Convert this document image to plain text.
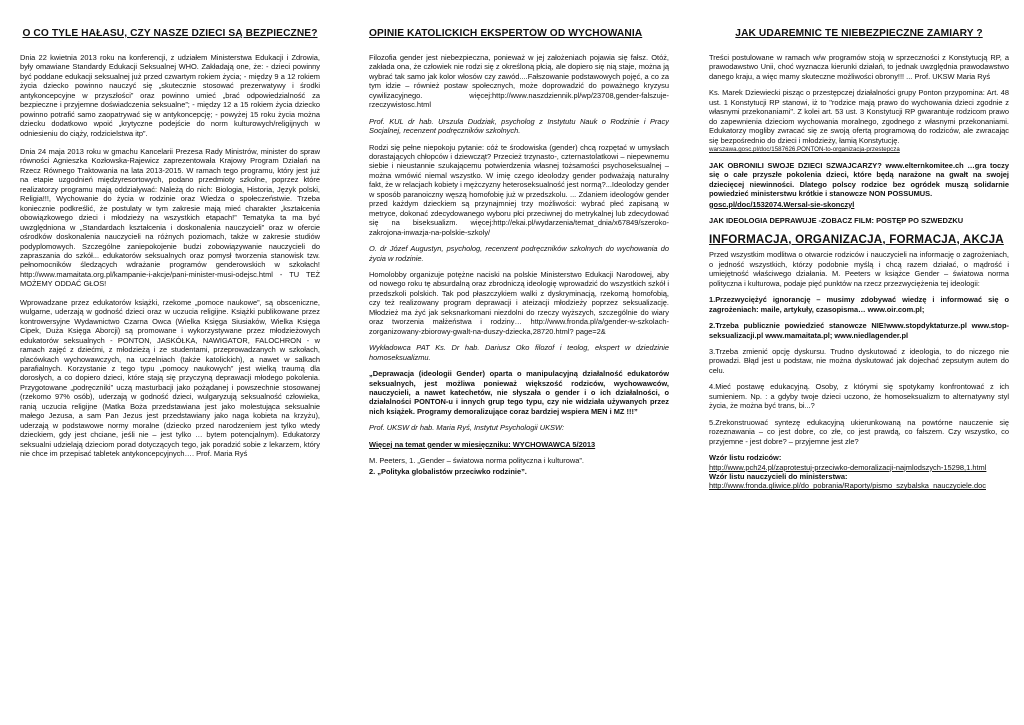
O CO TYLE HAŁASU, CZY NASZE DZIECI SĄ BEZPIECZNE?

Dnia 22 kwietnia 2013 roku na konferencji, z udziałem Ministerstwa Edukacji i Zdrowia, były omawiane Standardy Edukacji Seksualnej WHO. Zakładają one, że: - dzieci powinny być poddane edukacji seksualnej już przed czwartym rokiem życia; - między 9 a 12 rokiem życia dziecko powinno nauczyć się „skutecznie stosować prezerwatywy i środki antykoncepcyjne w przyszłości” oraz powinno umieć „brać odpowiedzialność za bezpieczne i przyjemne doświadczenia seksualne”; - między 12 a 15 rokiem życia dziecko powinno potrafić samo zaopatrywać się w antykoncepcję; - powyżej 15 roku życia można dziecku dodatkowo wpoić „krytyczne podejście do norm kulturowych/religijnych w odniesieniu do ciąży, rodzicielstwa itp”.

Dnia 24 maja 2013 roku w gmachu Kancelarii Prezesa Rady Ministrów, minister do spraw równości Agnieszka Kozłowska-Rajewicz zaprezentowała Krajowy Program Działań na Rzecz Równego Traktowania na lata 2013-2015. W ramach tego programu, który jest już na etapie uzgodnień międzyresortowych, podano przedmioty szkolne, poprzez które realizatorzy programu mają oddziaływać: Należą do nich: Biologia, Historia, Język polski, Religia!!!, Wychowanie do życia w rodzinie oraz Wiedza o społeczeństwie. Trzeba koniecznie podkreślić, że postulaty w tym zakresie mają mieć charakter „kształcenia obowiązkowego dzieci i młodzieży na wszystkich etapach!” Tematyka ta ma być uwzględniona w „Standardach kształcenia i doskonalenia nauczycieli” oraz w ofercie ośrodków doskonalenia nauczycieli na różnych poziomach, także w zakresie studiów podyplomowych. Szczególne zaniepokojenie budzi zobowiązywanie nauczycieli do zapraszania do szkół... edukatorów seksualnych oraz pomysł tworzenia stanowisk tzw. pełnomocników śledzących wdrażanie programów genderowskich w szkołach! http://www.mamaitata.org.pl/kampanie-i-akcje/pani-minister-musi-odejsc.html - TU TEŻ MOŻEMY ODDAĆ GŁOS!

Wprowadzane przez edukatorów książki, rzekome „pomoce naukowe”, są obsceniczne, wulgarne, uderzają w godność dzieci oraz w uczucia religijne. Książki publikowane przez kontrowersyjne Wydawnictwo Czarna Owca (Wielka Księga Siusiaków, Wielka Księga Cipek, Duża Księga Aborcji) są promowane i wykorzystywane przez młodzieżowych edukatorów seksualnych - PONTON, JASKÓŁKA, NAWIGATOR, FALOCHRON - w ramach zajęć z dziećmi, z młodzieżą i ze studentami, przeprowadzanych w szkołach, placówkach wychowawczych, na uczelniach (także katolickich), a nawet w salkach parafialnych. Korzystanie z tego typu „pomocy naukowych” jest wielką traumą dla dorosłych, a co dopiero dzieci, które stają się przyczyną deprawacji młodego pokolenia. Przygotowane „podręczniki” uczą masturbacji jako pożądanej i powszechnie stosowanej (rzekomo 97% osób), uderzają w godność dzieci, wulgaryzują seksualność człowieka, ranią uczucia religijne (Matka Boża przedstawiana jest jako molestująca seksualnie małego Jezusa, a sam Pan Jezus jest przedstawiany jako naga kobieta na krzyżu), uderzają w podstawowe normy moralne (dziecko przed narodzeniem jest tylko wtedy dzieckiem, gdy jest chciane, jeśli nie – jest tylko … bytem potencjalnym). Edukatorzy seksualni udzielają dzieciom porad dotyczących tego, jak poradzić sobie z lekarzem, który nie chce im przepisać tabletek antykoncepcyjnych…. Prof. Maria Ryś

OPINIE KATOLICKICH EKSPERTÓW OD WYCHOWANIA

Filozofia gender jest niebezpieczna, ponieważ w jej założeniach pojawia się fałsz. Otóż, zakłada ona, że człowiek nie rodzi się z określoną płcią, ale dopiero się nią staje, można ją wybrać tak samo jak kolor włosów czy zawód....Fałszowanie podstawowych pojęć, a co za tym idzie – również postaw społecznych, może doprowadzić do poważnego kryzysu cywilizacyjnego. więcej:http://www.naszdziennik.pl/wp/23708,gender-falszuje-rzeczywistosc.html

Prof. KUL dr hab. Urszula Dudziak, psycholog z Instytutu Nauk o Rodzinie i Pracy Socjalnej, recenzent podręczników szkolnych.

Rodzi się pełne niepokoju pytanie: cóż te środowiska (gender) chcą rozpętać w umysłach dorastających chłopców i dziewcząt? Przecież trzynasto-, czternastolatkowi – niepewnemu siebie i nieustannie szukającemu potwierdzenia własnej tożsamości psychoseksualnej – można wmówić niemal wszystko. W imię czego ideolodzy gender podważają naturalny fakt, że w relacjach kobiety i mężczyzny heteroseksualność jest normą?...Ideolodzy gender w sposób paranoiczny węszą homofobię już w przedszkolu. ... Zdaniem ideologów gender przed każdym dzieckiem są przynajmniej trzy możliwości: wybrać płeć zapisaną w metryce, dokonać zdecydowanego wyboru płci przeciwnej do metrykalnej lub zdecydować się na biseksualizm. więcej:http://ekai.pl/wydarzenia/temat_dnia/x67849/szeroko-zakrojona-inwazja-na-polskie-szkoly/

O. dr Józef Augustyn, psycholog, recenzent podręczników szkolnych do wychowania do życia w rodzinie.

Homolobby organizuje potężne naciski na polskie Ministerstwo Edukacji Narodowej, aby od nowego roku tę absurdalną oraz zbrodniczą ideologię wprowadzić do wszystkich szkół i przedszkoli polskich. Tak pod płaszczykiem walki z dyskryminacją, rzekomą homofobią, czy też realizowany program deprawacji i ateizacji młodzieży poprzez seksualizację. Młodzież ma żyć jak seksnarkomani niezdolni do rzeczy wyższych, szczególnie do wiary oraz tworzenia małżeństwa i rodziny… http://www.fronda.pl/a/gender-w-szkolach-zorganizowany-zbiorowy-gwalt-na-duszy-dziecka,28720.html? page=2&

Wykładowca PAT Ks. Dr hab. Dariusz Oko filozof i teolog, ekspert w dziedzinie homoseksualizmu.

„Deprawacja (ideologii Gender) oparta o manipulacyjną działalność edukatorów seksualnych, jest możliwa ponieważ większość rodziców, wychowawców, nauczycieli, a nawet katechetów, nie słyszała o gender i o ich działalności, o działalności PONTON-u i innych grup tego typu, czy nie widziała używanych przez nich książek. Programy demoralizujące coraz bardziej wspiera MEN i MZ !!!”

Prof. UKSW dr hab. Maria Ryś, Instytut Psychologii UKSW:

Więcej na temat gender w miesięczniku: WYCHOWAWCA 5/2013

M. Peeters, 1. „Gender – światowa norma polityczna i kulturowa”.

2. „Polityka globalistów przeciwko rodzinie”.

JAK UDAREMNIĆ TE NIEBEZPIECZNE ZAMIARY ?

Treści postulowane w ramach w/w programów stoją w sprzeczności z Konstytucją RP, a prawodawstwo Unii, choć wyznacza kierunki działań, to jednak uwzględnia prawodawstwo danego kraju, a więc mamy skuteczne możliwości obrony!!! ... Prof. UKSW Maria Ryś

Ks. Marek Dziewiecki pisząc o przestępczej działalności grupy Ponton przypomina: Art. 48 ust. 1 Konstytucji RP stanowi, iż to "rodzice mają prawo do wychowania dzieci zgodnie z własnymi przekonaniami". Z kolei art. 53 ust. 3 Konstytucji RP gwarantuje rodzicom prawo do zapewnienia dzieciom wychowania moralnego, zgodnego z własnymi przekonaniami. Edukatorzy mogliby zwracać się ze swoją ofertą programową do rodziców, ale zwracając się bezpośrednio do dzieci i młodzieży, łamią Konstytucję.

warszawa.gosc.pl/doc/1587626.PONTON-to-organizacja-przestepcza

JAK OBRONILI SWOJE DZIECI SZWAJCARZY? www.elternkomitee.ch …gra toczy się o całe przyszłe pokolenia dzieci, które będą narażone na gwałt na swojej dziecięcej niewinności. Dlatego polscy rodzice bez ogródek muszą solidarnie powiedzieć ministerstwu krótkie i stanowcze NON POSSUMUS.

gosc.pl/doc/1532074.Wersal-sie-skonczyl

JAK IDEOLOGIA DEPRAWUJE -ZOBACZ FILM: POSTĘP PO SZWEDZKU

INFORMACJA, ORGANIZACJA, FORMACJA, AKCJA

Przed wszystkim modlitwa o otwarcie rodziców i nauczycieli na informację o zagrożeniach, o jedność wszystkich, którzy podobnie myślą i chcą razem działać, o mądrość i umiejętność właściwego działania. M. Peeters w książce Gender – światowa norma polityczna i kulturowa, podaje pięć punktów na rzecz przezwyciężenia tej ideologii:

1.Przezwyciężyć ignorancję – musimy zdobywać wiedzę i informować się o zagrożeniach: maile, artykuły, czasopisma… www.oir.com.pl;

2.Trzeba publicznie powiedzieć stanowcze NIE!www.stopdyktaturze.pl www.stop-seksualizacji.pl www.mamaitata.pl; www.niedlagender.pl

3.Trzeba zmienić opcję dyskursu. Trudno dyskutować z ideologia, to do niczego nie prowadzi. Błąd jest u podstaw, nie można dyskutować jak dojechać zepsutym autem do celu.

4.Mieć postawę edukacyjną. Osoby, z którymi się spotykamy konfrontować z ich sumieniem. Np. : a gdyby twoje dzieci uczono, że homoseksualizm to alternatywny styl życia, że można być trans, bi...?

5.Zrekonstruować syntezę edukacyjną ukierunkowaną na powtórne nauczenie się rozeznawania – co jest dobre, co złe, co jest prawdą, co fałszem. Czy wszystko, co przyjemne - jest dobre? – przyjemne jest zle?

Wzór listu rodziców:

http://www.pch24.pl/zaprotestuj-przeciwko-demoralizacji-najmlodszych-15298,1.html

Wzór listu nauczycieli do ministerstwa:

http://www.fronda.gliwice.pl/do_pobrania/Raporty/pismo_szybalska_nauczyciele.doc
